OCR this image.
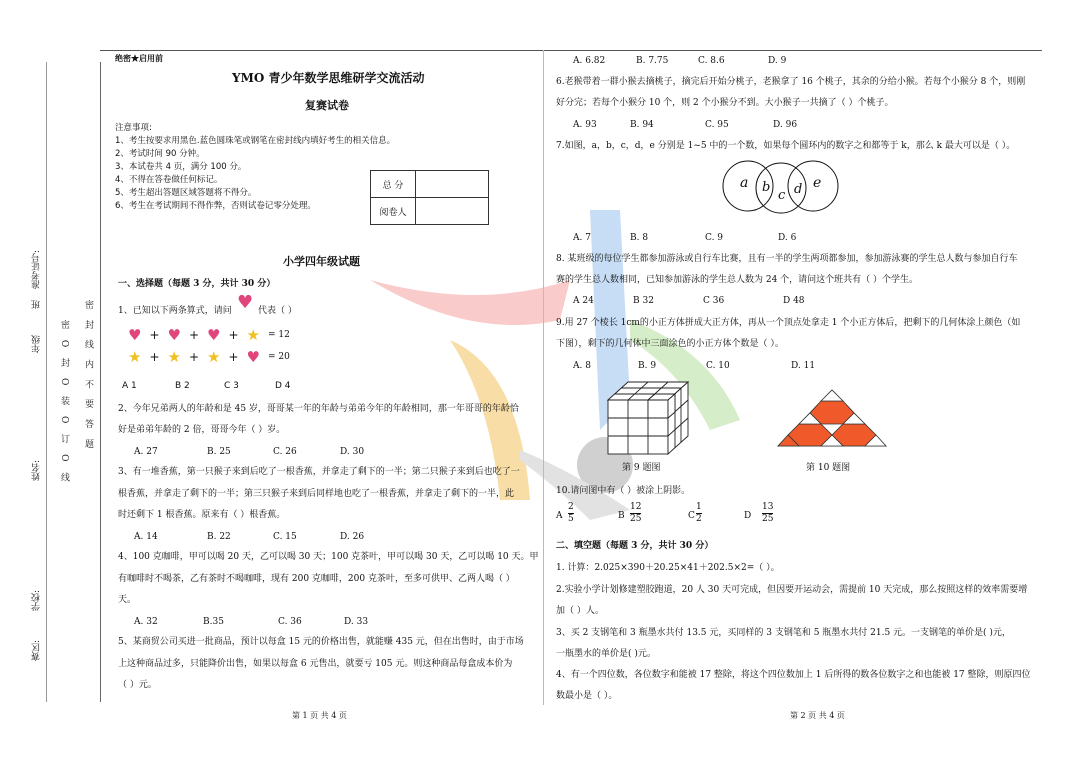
绝密★启用前
赛区:
学校:
姓名:
年级
班
准考证号:
密 O 封 O 装 O 订 O 线 密 封 线 内 不 要 答 题
YMO 青少年数学思维研学交流活动
复赛试卷
注意事项:
1、考生按要求用黑色.蓝色圆珠笔或钢笔在密封线内填好考生的相关信息。
2、考试时间 90 分钟。
3、本试卷共 4 页，满分 100 分。
4、不得在答卷做任何标记。
5、考生超出答题区域答题将不得分。
6、考生在考试期间不得作弊，否则试卷记零分处理。
总 分	
阅卷人	
小学四年级试题
一、选择题（每题 3 分，共计 30 分）
1、已知以下两条算式，请问 ♥ 代表（ ）
♥ + ♥ + ♥ + ★ = 12
★ + ★ + ★ + ♥ = 20
A 1	B 2	C 3	D 4
2、今年兄弟两人的年龄和是 45 岁，哥哥某一年的年龄与弟弟今年的年龄相同，那一年哥哥的年龄恰
好是弟弟年龄的 2 倍，哥哥今年（ ）岁。
A. 27	B. 25	C. 26	D. 30
3、有一堆香蕉，第一只猴子来到后吃了一根香蕉，并拿走了剩下的一半；第二只猴子来到后也吃了一
根香蕉，并拿走了剩下的一半；第三只猴子来到后同样地也吃了一根香蕉，并拿走了剩下的一半，此
时还剩下 1 根香蕉。原来有（ ）根香蕉。
A. 14	B. 22	C. 15	D. 26
4、100 克咖啡，甲可以喝 20 天，乙可以喝 30 天；100 克茶叶，甲可以喝 30 天，乙可以喝 10 天。甲
有咖啡时不喝茶，乙有茶时不喝咖啡，现有 200 克咖啡，200 克茶叶，至多可供甲、乙两人喝（ ）
天。
A. 32	B.35	C. 36	D. 33
5、某商贸公司买进一批商品，预计以每盒 15 元的价格出售，就能赚 435 元，但在出售时，由于市场
上这种商品过多，只能降价出售，如果以每盒 6 元售出，就要亏 105 元。则这种商品每盒成本价为
（ ）元。
第 1 页 共 4 页
A. 6.82	B. 7.75	C. 8.6	D. 9
6.老猴带着一群小猴去摘桃子，摘完后开始分桃子，老猴拿了 16 个桃子，其余的分给小猴。若每个小猴分 8 个，则刚
好分完；若每个小猴分 10 个，则 2 个小猴分不到。大小猴子一共摘了（ ）个桃子。
A. 93	B. 94	C. 95	D. 96
7.如图，a，b，c，d，e 分别是 1~5 中的一个数，如果每个圆环内的数字之和都等于 k，那么 k 最大可以是（ ）。
a b
c d e
A. 7	B. 8	C. 9	D. 6
8. 某班级的每位学生都参加游泳或自行车比赛，且有一半的学生两项都参加，参加游泳赛的学生总人数与参加自行车
赛的学生总人数相同，已知参加游泳的学生总人数为 24 个，请问这个班共有（ ）个学生。
A 24	B 32	C 36	D 48
9.用 27 个棱长 1cm的小正方体拼成大正方体，再从一个顶点处拿走 1 个小正方体后，把剩下的几何体涂上颜色（如
下图），剩下的几何体中三面涂色的小正方体个数是（ ）。
A. 8	B. 9	C. 10	D. 11
第 9 题图	第 10 题图
10.请问图中有（ ）被涂上阴影。
A
2
5	B
12
25	C
1
2	D
13
25
二、填空题（每题 3 分，共计 30 分）
1. 计算：2.025×390＋20.25×41＋202.5×2=（ ）。
2.实验小学计划修建塑胶跑道，20 人 30 天可完成，但因要开运动会，需提前 10 天完成，那么按照这样的效率需要增
加（ ）人。
3、买 2 支钢笔和 3 瓶墨水共付 13.5 元，买同样的 3 支钢笔和 5 瓶墨水共付 21.5 元。一支钢笔的单价是( )元，
一瓶墨水的单价是( )元。
4、有一个四位数，各位数字和能被 17 整除，将这个四位数加上 1 后所得的数各位数字之和也能被 17 整除，则原四位
数最小是（ ）。
第 2 页 共 4 页
